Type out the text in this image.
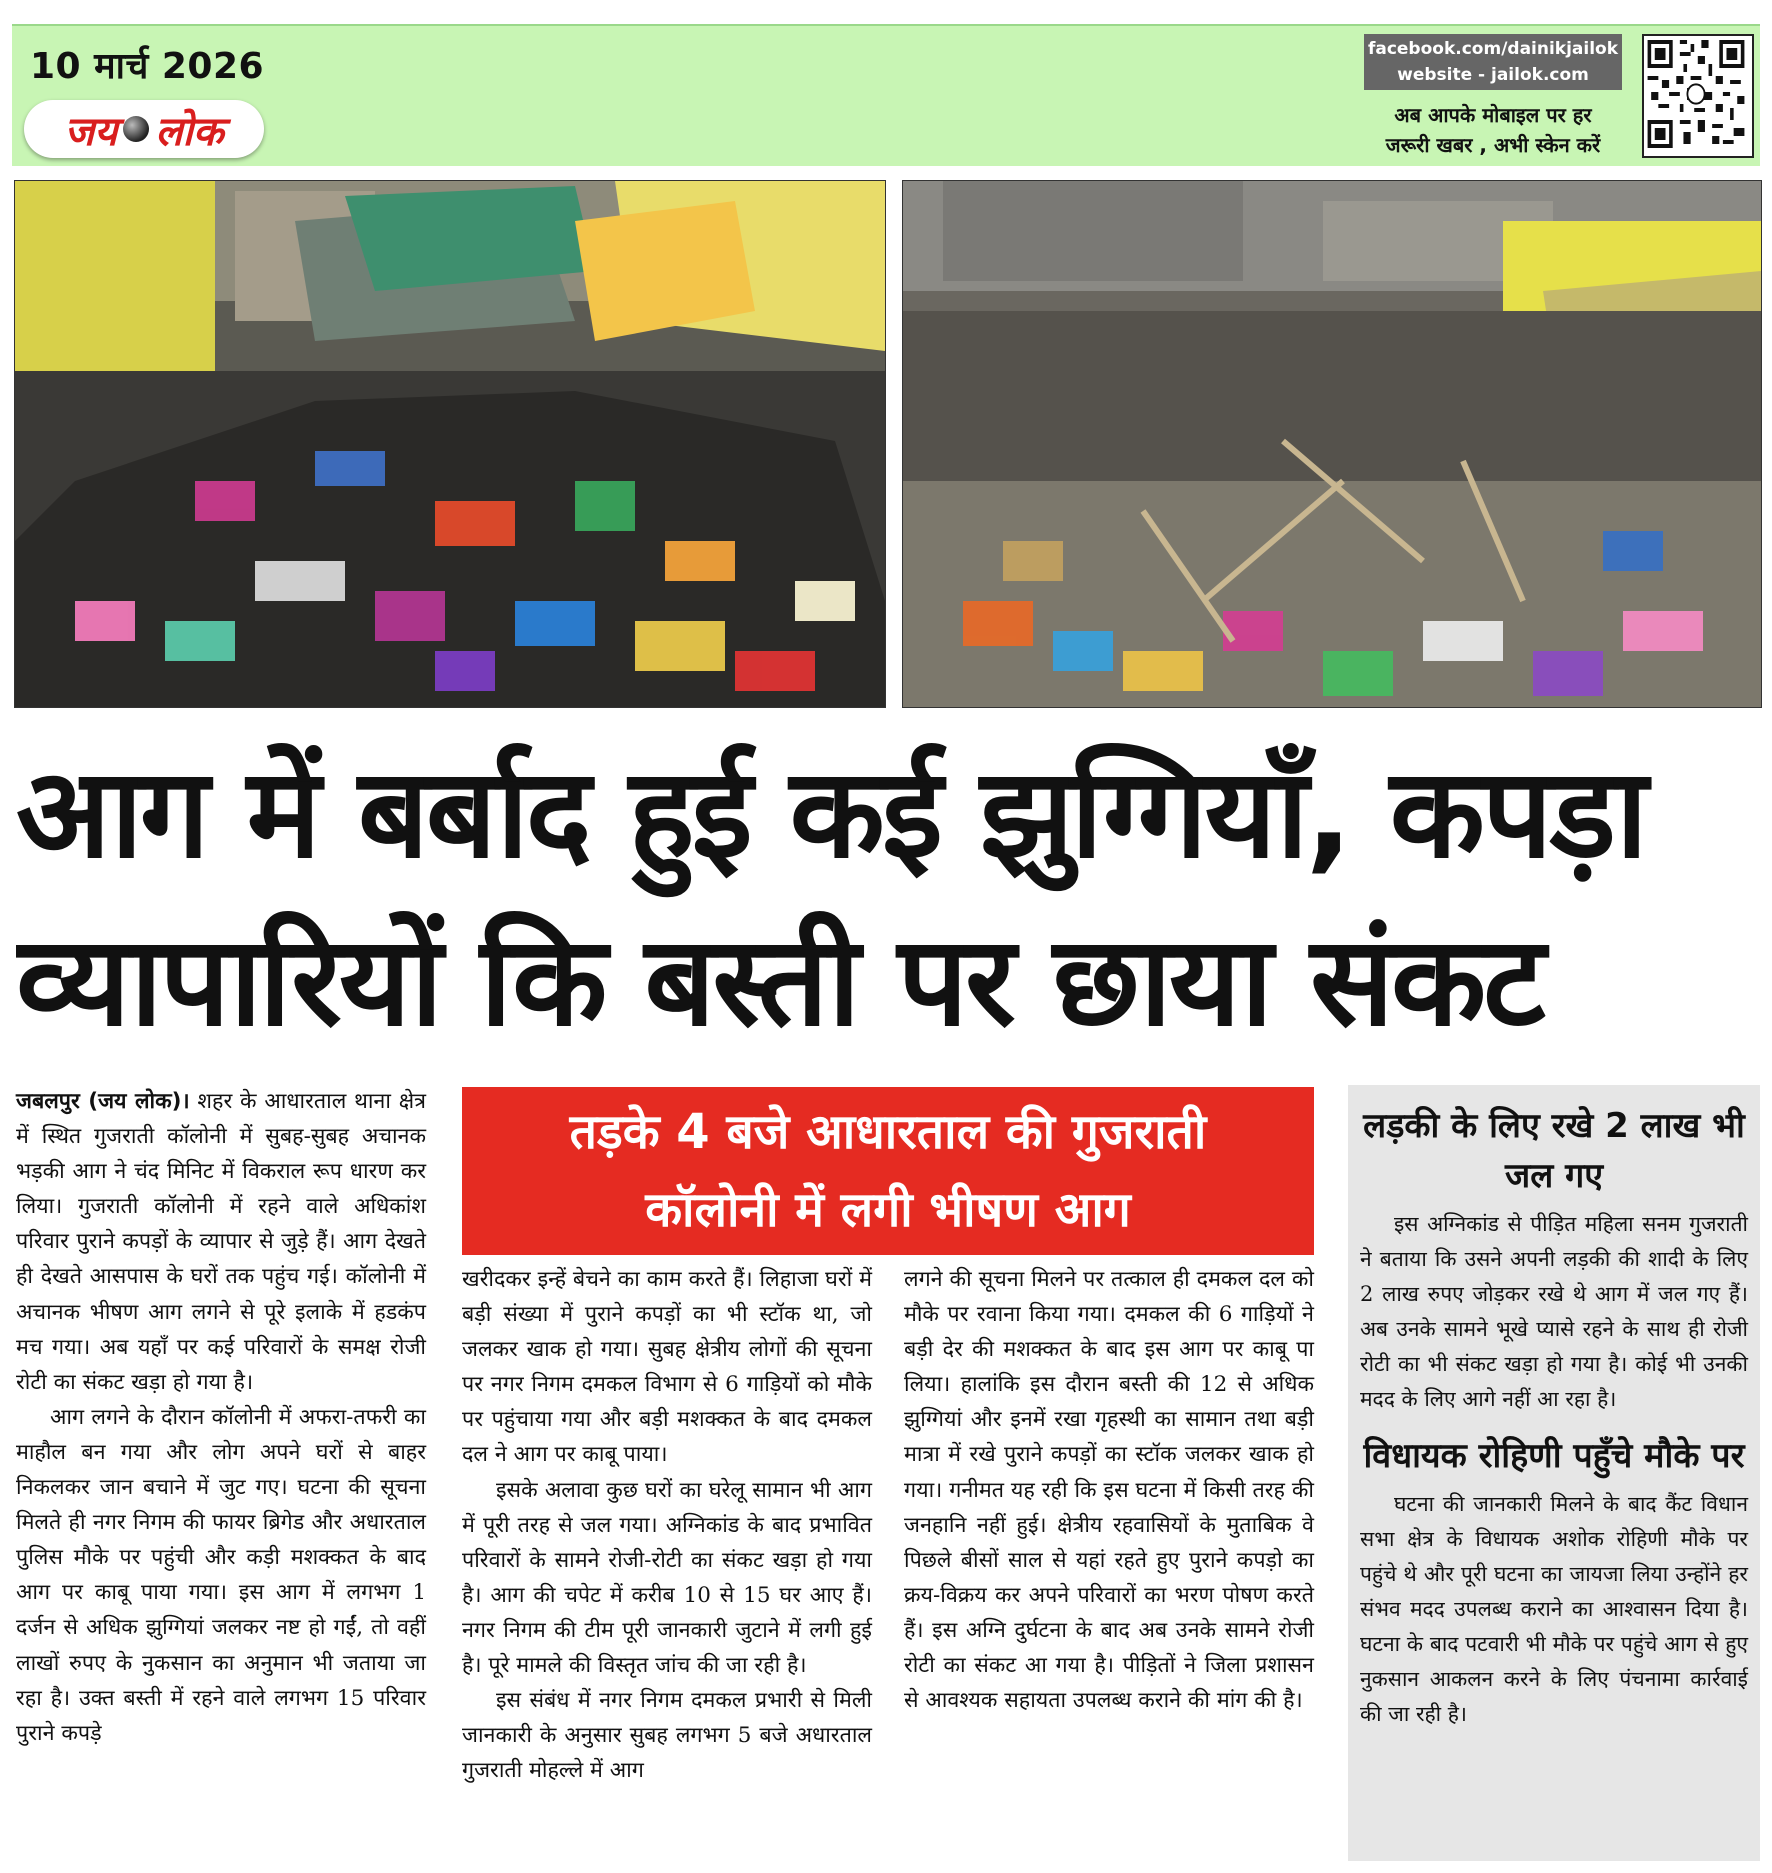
10 मार्च 2026
जय लोक
facebook.com/dainikjailok
website - jailok.com
अब आपके मोबाइल पर हर
जरूरी खबर , अभी स्केन करें
आग में बर्बाद हुई कई झुग्गियाँ, कपड़ा
व्यापारियों कि बस्ती पर छाया संकट

जबलपुर (जय लोक)। शहर के आधारताल थाना क्षेत्र में स्थित गुजराती कॉलोनी में सुबह-सुबह अचानक भड़की आग ने चंद मिनिट में विकराल रूप धारण कर लिया। गुजराती कॉलोनी में रहने वाले अधिकांश परिवार पुराने कपड़ों के व्यापार से जुड़े हैं। आग देखते ही देखते आसपास के घरों तक पहुंच गई। कॉलोनी में अचानक भीषण आग लगने से पूरे इलाके में हडकंप मच गया। अब यहाँ पर कई परिवारों के समक्ष रोजी रोटी का संकट खड़ा हो गया है।

आग लगने के दौरान कॉलोनी में अफरा-तफरी का माहौल बन गया और लोग अपने घरों से बाहर निकलकर जान बचाने में जुट गए। घटना की सूचना मिलते ही नगर निगम की फायर ब्रिगेड और अधारताल पुलिस मौके पर पहुंची और कड़ी मशक्कत के बाद आग पर काबू पाया गया। इस आग में लगभग 1 दर्जन से अधिक झुग्गियां जलकर नष्ट हो गईं, तो वहीं लाखों रुपए के नुकसान का अनुमान भी जताया जा रहा है। उक्त बस्ती में रहने वाले लगभग 15 परिवार पुराने कपड़े

तड़के 4 बजे आधारताल की गुजराती
कॉलोनी में लगी भीषण आग

खरीदकर इन्हें बेचने का काम करते हैं। लिहाजा घरों में बड़ी संख्या में पुराने कपड़ों का भी स्टॉक था, जो जलकर खाक हो गया। सुबह क्षेत्रीय लोगों की सूचना पर नगर निगम दमकल विभाग से 6 गाड़ियों को मौके पर पहुंचाया गया और बड़ी मशक्कत के बाद दमकल दल ने आग पर काबू पाया।

इसके अलावा कुछ घरों का घरेलू सामान भी आग में पूरी तरह से जल गया। अग्निकांड के बाद प्रभावित परिवारों के सामने रोजी-रोटी का संकट खड़ा हो गया है। आग की चपेट में करीब 10 से 15 घर आए हैं। नगर निगम की टीम पूरी जानकारी जुटाने में लगी हुई है। पूरे मामले की विस्तृत जांच की जा रही है।

इस संबंध में नगर निगम दमकल प्रभारी से मिली जानकारी के अनुसार सुबह लगभग 5 बजे अधारताल गुजराती मोहल्ले में आग

लगने की सूचना मिलने पर तत्काल ही दमकल दल को मौके पर रवाना किया गया। दमकल की 6 गाड़ियों ने बड़ी देर की मशक्कत के बाद इस आग पर काबू पा लिया। हालांकि इस दौरान बस्ती की 12 से अधिक झुग्गियां और इनमें रखा गृहस्थी का सामान तथा बड़ी मात्रा में रखे पुराने कपड़ों का स्टॉक जलकर खाक हो गया। गनीमत यह रही कि इस घटना में किसी तरह की जनहानि नहीं हुई। क्षेत्रीय रहवासियों के मुताबिक वे पिछले बीसों साल से यहां रहते हुए पुराने कपड़ो का क्रय-विक्रय कर अपने परिवारों का भरण पोषण करते हैं। इस अग्नि दुर्घटना के बाद अब उनके सामने रोजी रोटी का संकट आ गया है। पीड़ितों ने जिला प्रशासन से आवश्यक सहायता उपलब्ध कराने की मांग की है।

लड़की के लिए रखे 2 लाख भी जल गए

इस अग्निकांड से पीड़ित महिला सनम गुजराती ने बताया कि उसने अपनी लड़की की शादी के लिए 2 लाख रुपए जोड़कर रखे थे आग में जल गए हैं। अब उनके सामने भूखे प्यासे रहने के साथ ही रोजी रोटी का भी संकट खड़ा हो गया है। कोई भी उनकी मदद के लिए आगे नहीं आ रहा है।

विधायक रोहिणी पहुँचे मौके पर

घटना की जानकारी मिलने के बाद कैंट विधान सभा क्षेत्र के विधायक अशोक रोहिणी मौके पर पहुंचे थे और पूरी घटना का जायजा लिया उन्होंने हर संभव मदद उपलब्ध कराने का आश्वासन दिया है। घटना के बाद पटवारी भी मौके पर पहुंचे आग से हुए नुकसान आकलन करने के लिए पंचनामा कार्रवाई की जा रही है।
